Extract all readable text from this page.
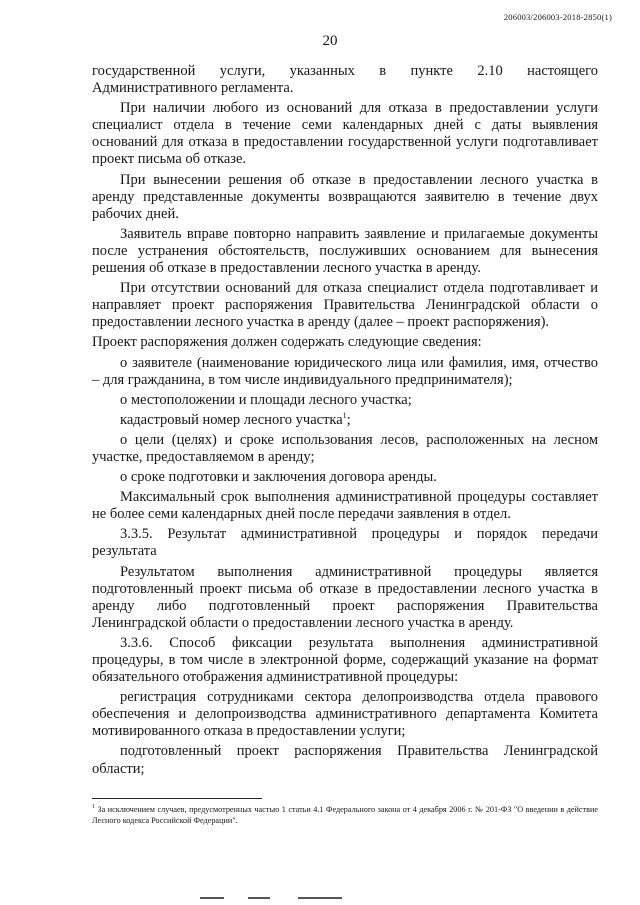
206003/206003-2018-2850(1)
20

государственной услуги, указанных в пункте 2.10 настоящего Административного регламента.

При наличии любого из оснований для отказа в предоставлении услуги специалист отдела в течение семи календарных дней с даты выявления оснований для отказа в предоставлении государственной услуги подготавливает проект письма об отказе.

При вынесении решения об отказе в предоставлении лесного участка в аренду представленные документы возвращаются заявителю в течение двух рабочих дней.

Заявитель вправе повторно направить заявление и прилагаемые документы после устранения обстоятельств, послуживших основанием для вынесения решения об отказе в предоставлении лесного участка в аренду.

При отсутствии оснований для отказа специалист отдела подготавливает и направляет проект распоряжения Правительства Ленинградской области о предоставлении лесного участка в аренду (далее – проект распоряжения).

Проект распоряжения должен содержать следующие сведения:

о заявителе (наименование юридического лица или фамилия, имя, отчество – для гражданина, в том числе индивидуального предпринимателя);

о местоположении и площади лесного участка;

кадастровый номер лесного участка$^1$;

о цели (целях) и сроке использования лесов, расположенных на лесном участке, предоставляемом в аренду;

о сроке подготовки и заключения договора аренды.

Максимальный срок выполнения административной процедуры составляет не более семи календарных дней после передачи заявления в отдел.

3.3.5. Результат административной процедуры и порядок передачи результата

Результатом выполнения административной процедуры является подготовленный проект письма об отказе в предоставлении лесного участка в аренду либо подготовленный проект распоряжения Правительства Ленинградской области о предоставлении лесного участка в аренду.

3.3.6. Способ фиксации результата выполнения административной процедуры, в том числе в электронной форме, содержащий указание на формат обязательного отображения административной процедуры:

регистрация сотрудниками сектора делопроизводства отдела правового обеспечения и делопроизводства административного департамента Комитета мотивированного отказа в предоставлении услуги;

подготовленный проект распоряжения Правительства Ленинградской области;

$^1$ За исключением случаев, предусмотренных частью 1 статьи 4.1 Федерального закона от 4 декабря 2006 г. № 201-ФЗ "О введении в действие Лесного кодекса Российской Федерации".
